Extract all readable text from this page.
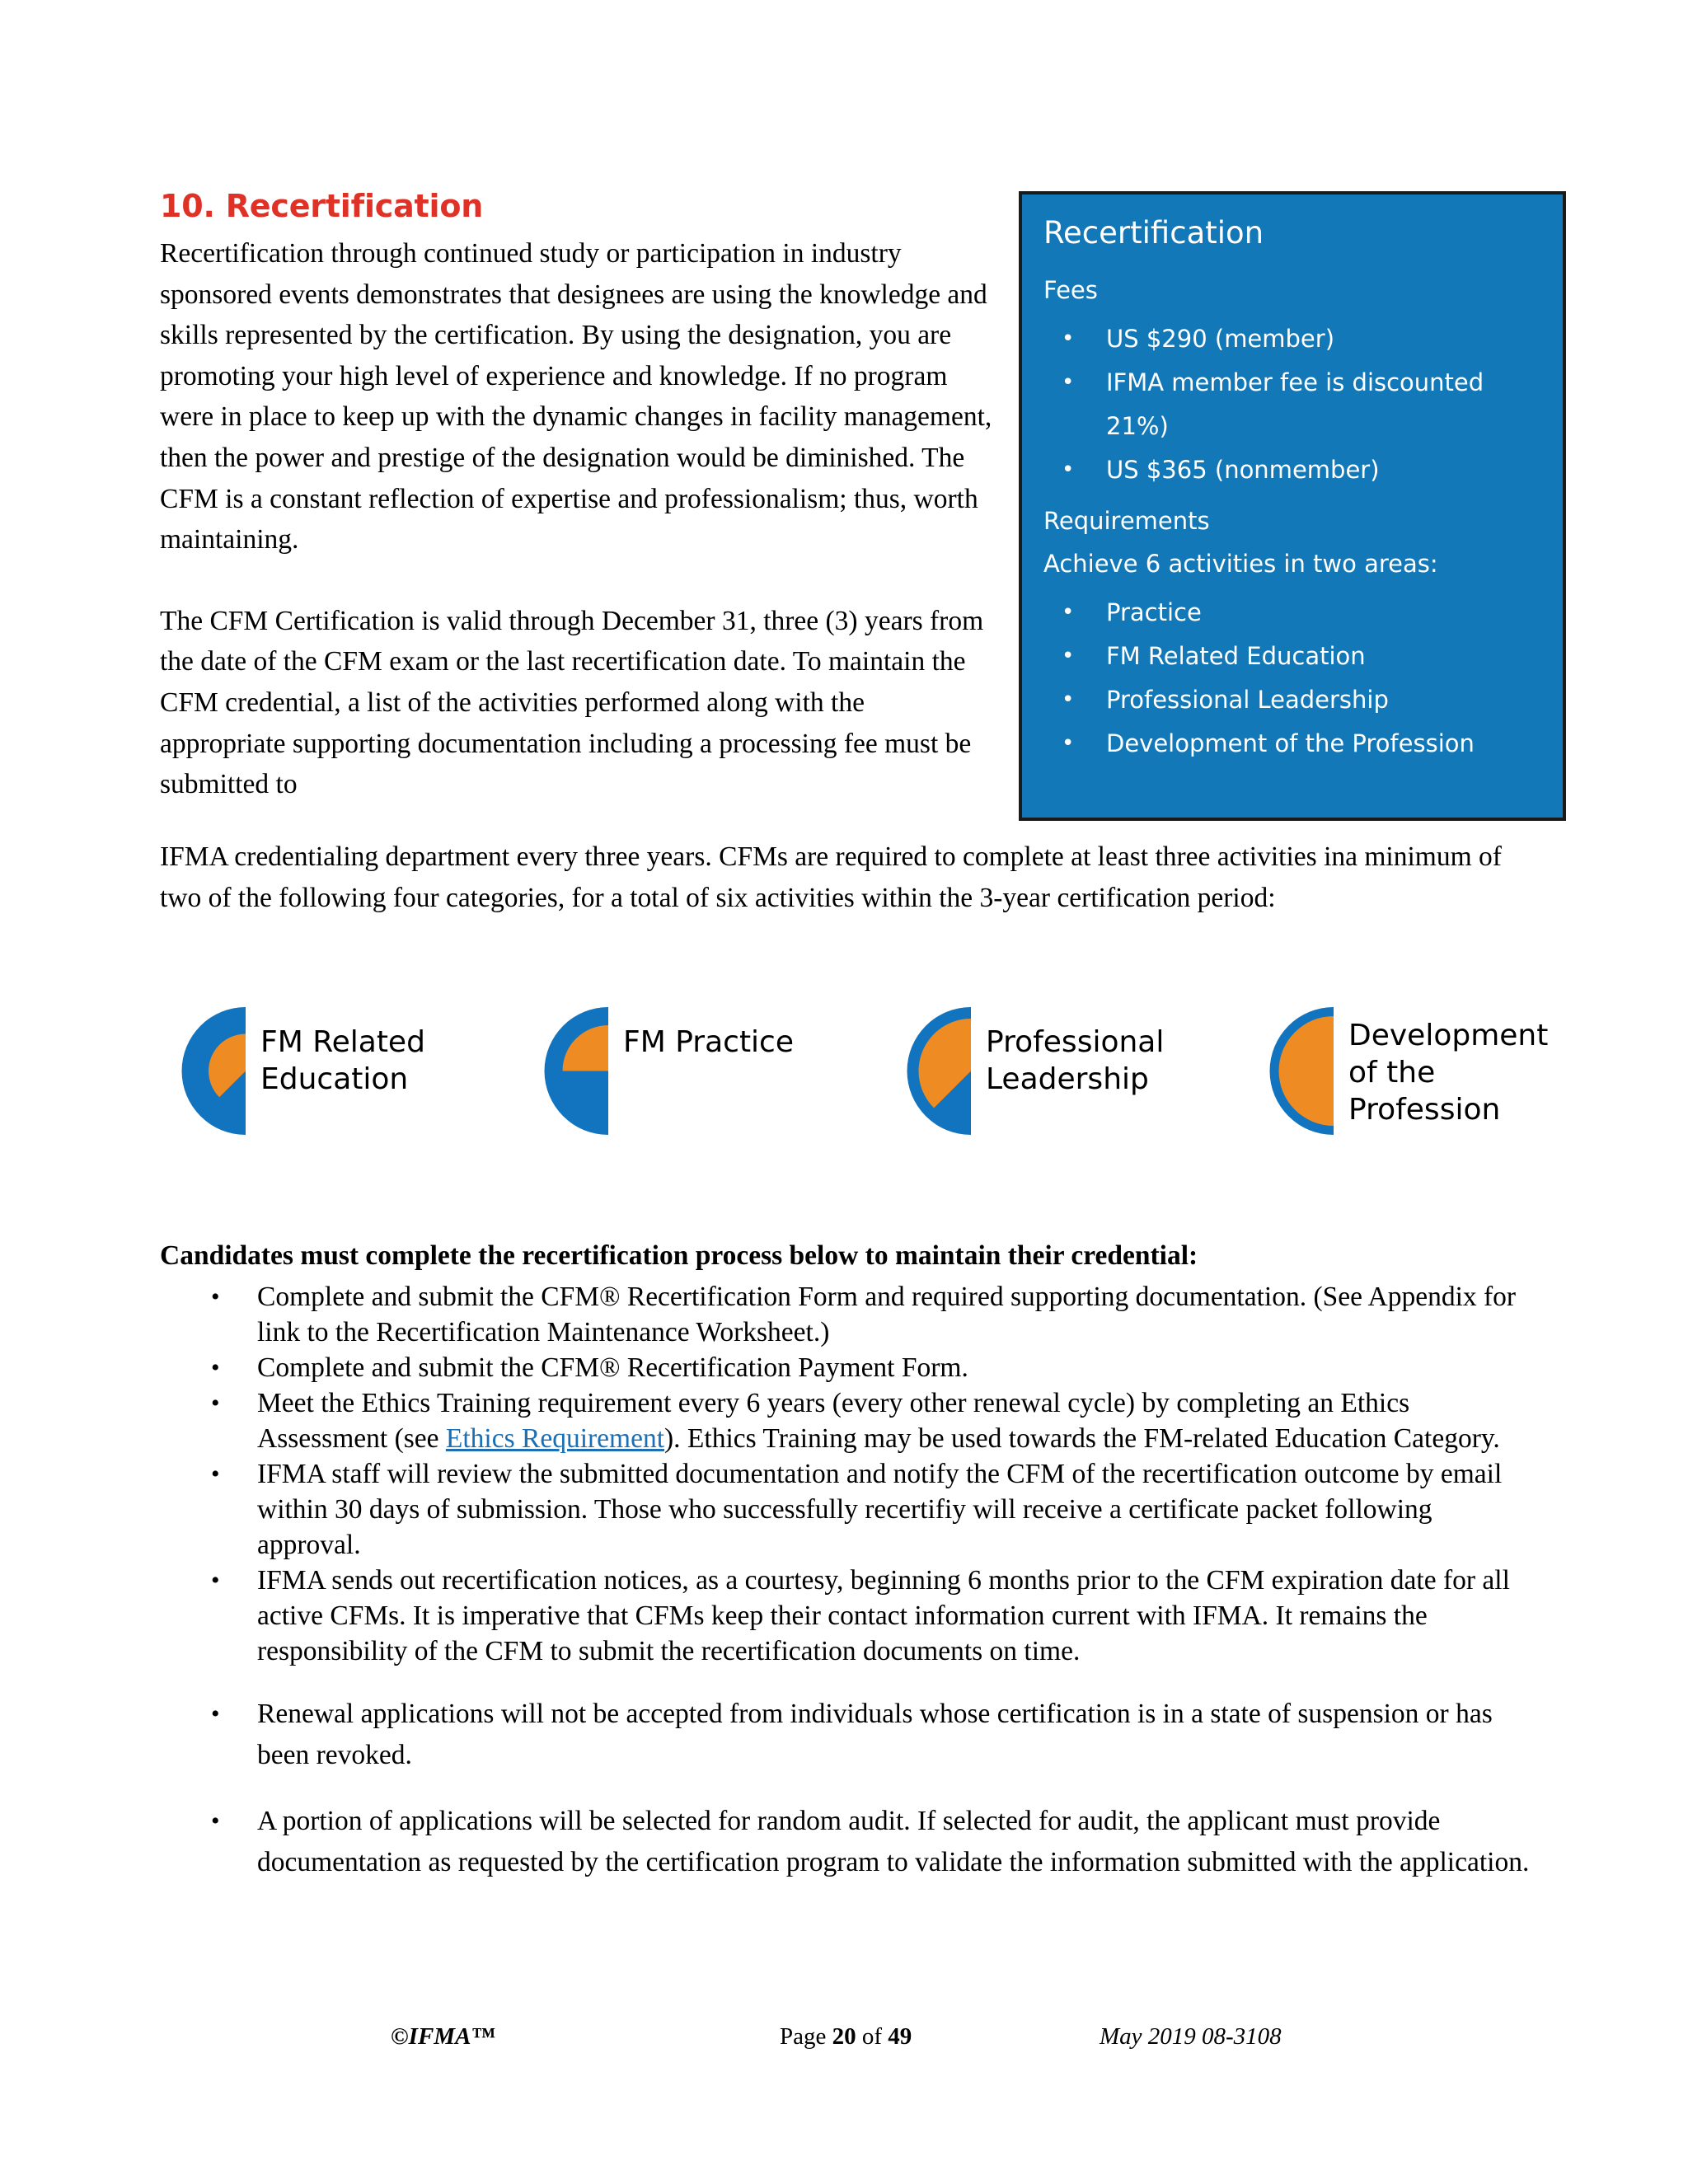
10. Recertification

Recertification through continued study or participation in industry sponsored events demonstrates that designees are using the knowledge and skills represented by the certification. By using the designation, you are promoting your high level of experience and knowledge. If no program were in place to keep up with the dynamic changes in facility management, then the power and prestige of the designation would be diminished. The CFM is a constant reflection of expertise and professionalism; thus, worth maintaining.

The CFM Certification is valid through December 31, three (3) years from the date of the CFM exam or the last recertification date. To maintain the CFM credential, a list of the activities performed along with the appropriate supporting documentation including a processing fee must be submitted to

IFMA credentialing department every three years. CFMs are required to complete at least three activities ina minimum of two of the following four categories, for a total of six activities within the 3-year certification period:

Recertification
Fees
• US $290 (member)
• IFMA member fee is discounted 21%)
• US $365 (nonmember)
Requirements
Achieve 6 activities in two areas:
• Practice
• FM Related Education
• Professional Leadership
• Development of the Profession
FM Related
Education
FM Practice	Professional
Leadership
Development
of the
Profession
Candidates must complete the recertification process below to maintain their credential:
• Complete and submit the CFM® Recertification Form and required supporting documentation. (See Appendix for link to the Recertification Maintenance Worksheet.)
• Complete and submit the CFM® Recertification Payment Form.
• Meet the Ethics Training requirement every 6 years (every other renewal cycle) by completing an Ethics Assessment (see Ethics Requirement). Ethics Training may be used towards the FM-related Education Category.
• IFMA staff will review the submitted documentation and notify the CFM of the recertification outcome by email within 30 days of submission. Those who successfully recertifiy will receive a certificate packet following approval.
• IFMA sends out recertification notices, as a courtesy, beginning 6 months prior to the CFM expiration date for all active CFMs. It is imperative that CFMs keep their contact information current with IFMA. It remains the responsibility of the CFM to submit the recertification documents on time.
• Renewal applications will not be accepted from individuals whose certification is in a state of suspension or has been revoked.
• A portion of applications will be selected for random audit. If selected for audit, the applicant must provide documentation as requested by the certification program to validate the information submitted with the application.
©IFMA™	Page 20 of 49	May 2019 08-3108
